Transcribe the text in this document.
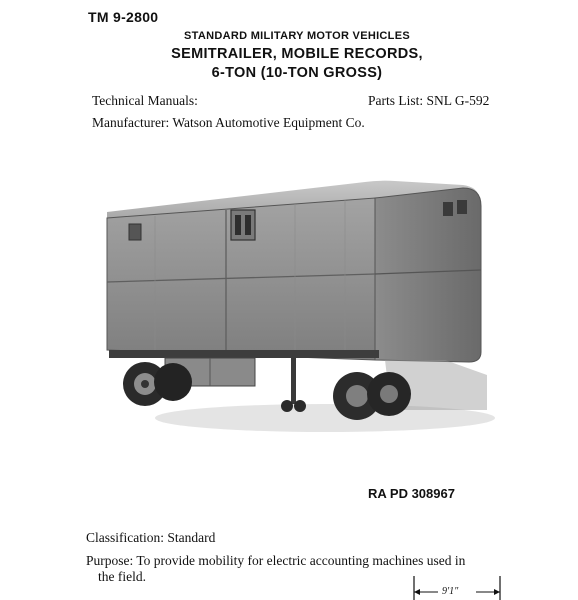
TM 9-2800
STANDARD MILITARY MOTOR VEHICLES
SEMITRAILER, MOBILE RECORDS,
6-TON (10-TON GROSS)
Technical Manuals:	Parts List: SNL G-592
Manufacturer: Watson Automotive Equipment Co.
RA PD 308967
Classification: Standard
Purpose: To provide mobility for electric accounting machines used in
the field.
9'1"
